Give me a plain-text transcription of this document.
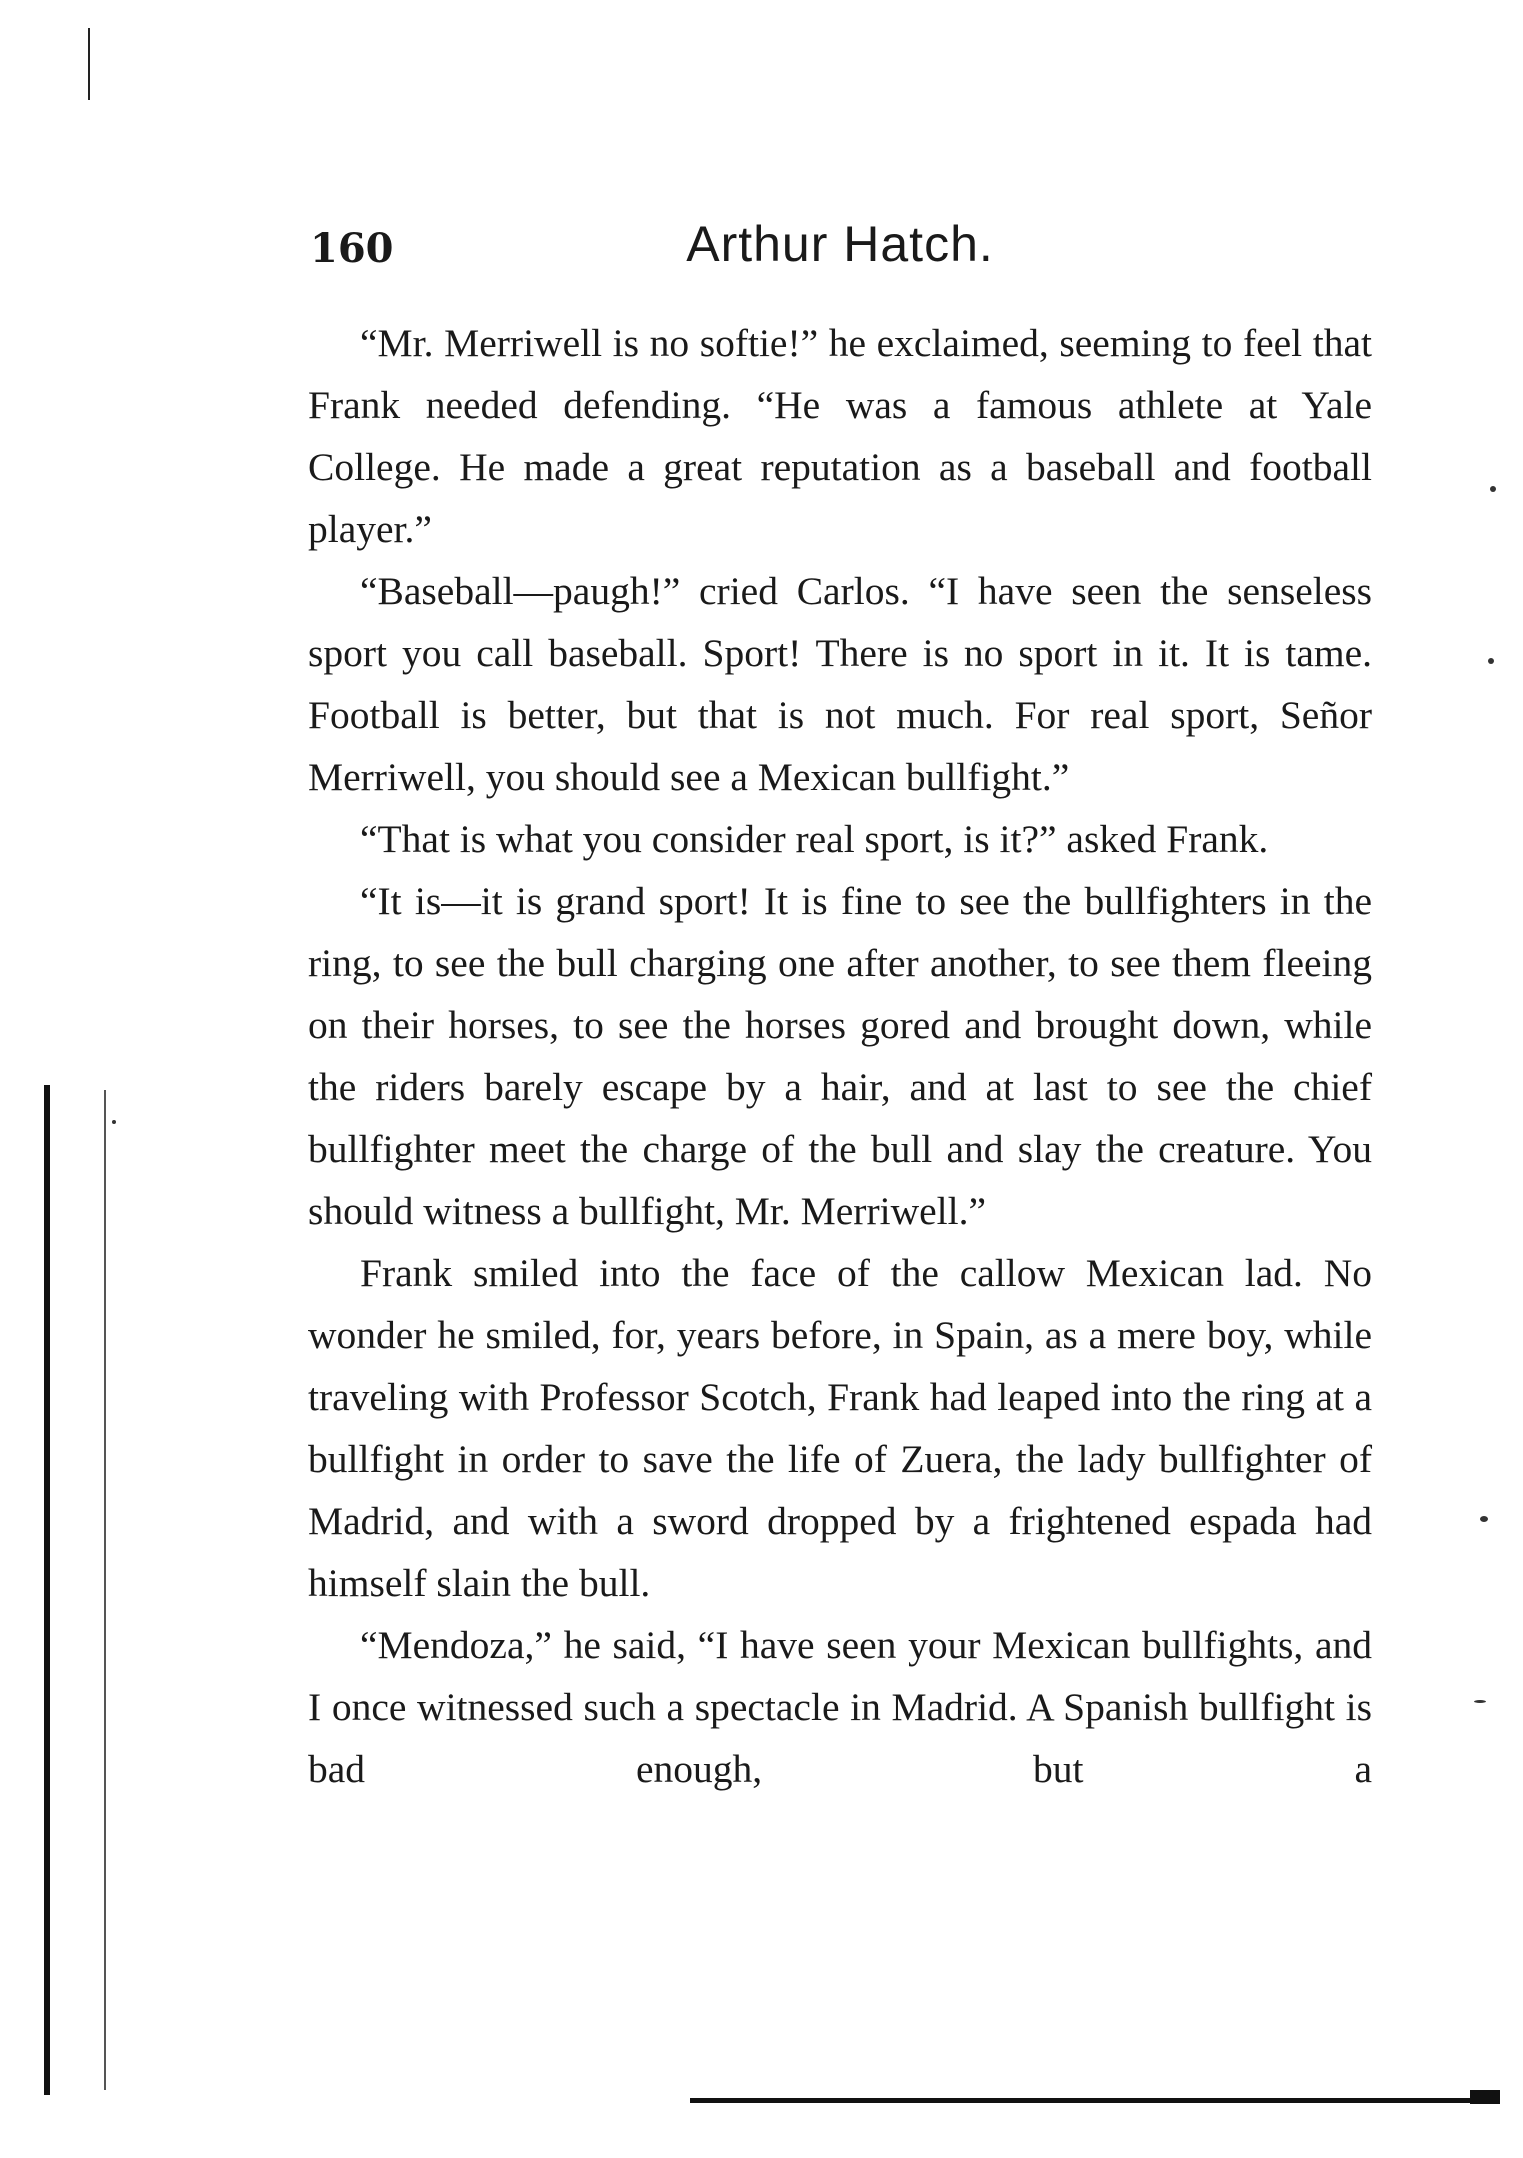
160	Arthur Hatch.

“Mr. Merriwell is no softie!” he exclaimed, seeming to feel that Frank needed defending. “He was a famous athlete at Yale College. He made a great reputation as a baseball and football player.”

“Baseball—paugh!” cried Carlos. “I have seen the senseless sport you call baseball. Sport! There is no sport in it. It is tame. Football is better, but that is not much. For real sport, Señor Merriwell, you should see a Mexican bullfight.”

“That is what you consider real sport, is it?” asked Frank.

“It is—it is grand sport! It is fine to see the bullfighters in the ring, to see the bull charging one after another, to see them fleeing on their horses, to see the horses gored and brought down, while the riders barely escape by a hair, and at last to see the chief bullfighter meet the charge of the bull and slay the creature. You should witness a bullfight, Mr. Merriwell.”

Frank smiled into the face of the callow Mexican lad. No wonder he smiled, for, years before, in Spain, as a mere boy, while traveling with Professor Scotch, Frank had leaped into the ring at a bullfight in order to save the life of Zuera, the lady bullfighter of Madrid, and with a sword dropped by a frightened espada had himself slain the bull.

“Mendoza,” he said, “I have seen your Mexican bullfights, and I once witnessed such a spectacle in Madrid. A Spanish bullfight is bad enough, but a
